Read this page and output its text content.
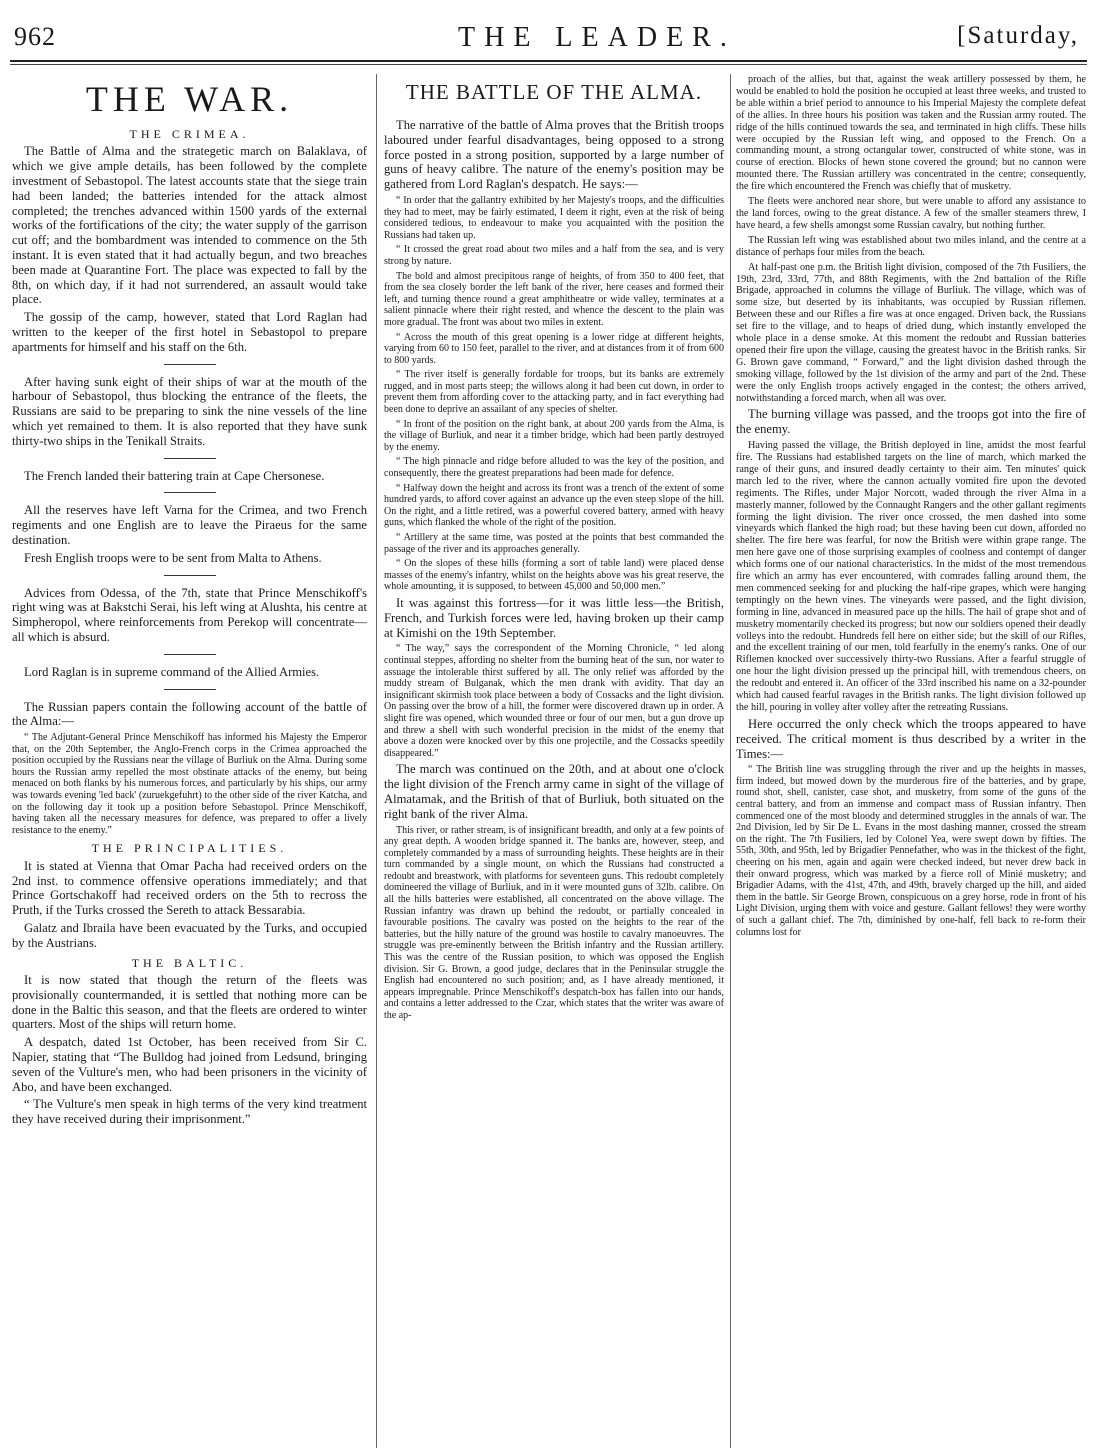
962	THE LEADER.	[Saturday,
THE WAR.
THE CRIMEA.

The Battle of Alma and the strategetic march on Balaklava, of which we give ample details, has been followed by the complete investment of Sebastopol. The latest accounts state that the siege train had been landed; the batteries intended for the attack almost completed; the trenches advanced within 1500 yards of the external works of the fortifications of the city; the water supply of the garrison cut off; and the bombardment was intended to commence on the 5th instant. It is even stated that it had actually begun, and two breaches been made at Quarantine Fort. The place was expected to fall by the 8th, on which day, if it had not surrendered, an assault would take place.

The gossip of the camp, however, stated that Lord Raglan had written to the keeper of the first hotel in Sebastopol to prepare apartments for himself and his staff on the 6th.

After having sunk eight of their ships of war at the mouth of the harbour of Sebastopol, thus blocking the entrance of the fleets, the Russians are said to be preparing to sink the nine vessels of the line which yet remained to them. It is also reported that they have sunk thirty-two ships in the Tenikall Straits.

The French landed their battering train at Cape Chersonese.

All the reserves have left Varna for the Crimea, and two French regiments and one English are to leave the Piraeus for the same destination.

Fresh English troops were to be sent from Malta to Athens.

Advices from Odessa, of the 7th, state that Prince Menschikoff's right wing was at Bakstchi Serai, his left wing at Alushta, his centre at Simpheropol, where reinforcements from Perekop will concentrate—all which is absurd.

Lord Raglan is in supreme command of the Allied Armies.

The Russian papers contain the following account of the battle of the Alma:—

“ The Adjutant-General Prince Menschikoff has informed his Majesty the Emperor that, on the 20th September, the Anglo-French corps in the Crimea approached the position occupied by the Russians near the village of Burliuk on the Alma. During some hours the Russian army repelled the most obstinate attacks of the enemy, but being menaced on both flanks by his numerous forces, and particularly by his ships, our army was towards evening 'led back' (zuruekgefuhrt) to the other side of the river Katcha, and on the following day it took up a position before Sebastopol. Prince Menschikoff, having taken all the necessary measures for defence, was prepared to offer a lively resistance to the enemy.”

THE PRINCIPALITIES.

It is stated at Vienna that Omar Pacha had received orders on the 2nd inst. to commence offensive operations immediately; and that Prince Gortschakoff had received orders on the 5th to recross the Pruth, if the Turks crossed the Sereth to attack Bessarabia.

Galatz and Ibraila have been evacuated by the Turks, and occupied by the Austrians.

THE BALTIC.

It is now stated that though the return of the fleets was provisionally countermanded, it is settled that nothing more can be done in the Baltic this season, and that the fleets are ordered to winter quarters. Most of the ships will return home.

A despatch, dated 1st October, has been received from Sir C. Napier, stating that “The Bulldog had joined from Ledsund, bringing seven of the Vulture's men, who had been prisoners in the vicinity of Abo, and have been exchanged.

“ The Vulture's men speak in high terms of the very kind treatment they have received during their imprisonment.”

THE BATTLE OF THE ALMA.

The narrative of the battle of Alma proves that the British troops laboured under fearful disadvantages, being opposed to a strong force posted in a strong position, supported by a large number of guns of heavy calibre. The nature of the enemy's position may be gathered from Lord Raglan's despatch. He says:—

“ In order that the gallantry exhibited by her Majesty's troops, and the difficulties they had to meet, may be fairly estimated, I deem it right, even at the risk of being considered tedious, to endeavour to make you acquainted with the position the Russians had taken up.

“ It crossed the great road about two miles and a half from the sea, and is very strong by nature.

The bold and almost precipitous range of heights, of from 350 to 400 feet, that from the sea closely border the left bank of the river, here ceases and formed their left, and turning thence round a great amphitheatre or wide valley, terminates at a salient pinnacle where their right rested, and whence the descent to the plain was more gradual. The front was about two miles in extent.

“ Across the mouth of this great opening is a lower ridge at different heights, varying from 60 to 150 feet, parallel to the river, and at distances from it of from 600 to 800 yards.

“ The river itself is generally fordable for troops, but its banks are extremely rugged, and in most parts steep; the willows along it had been cut down, in order to prevent them from affording cover to the attacking party, and in fact everything had been done to deprive an assailant of any species of shelter.

“ In front of the position on the right bank, at about 200 yards from the Alma, is the village of Burliuk, and near it a timber bridge, which had been partly destroyed by the enemy.

“ The high pinnacle and ridge before alluded to was the key of the position, and consequently, there the greatest preparations had been made for defence.

“ Halfway down the height and across its front was a trench of the extent of some hundred yards, to afford cover against an advance up the even steep slope of the hill. On the right, and a little retired, was a powerful covered battery, armed with heavy guns, which flanked the whole of the right of the position.

“ Artillery at the same time, was posted at the points that best commanded the passage of the river and its approaches generally.

“ On the slopes of these hills (forming a sort of table land) were placed dense masses of the enemy's infantry, whilst on the heights above was his great reserve, the whole amounting, it is supposed, to between 45,000 and 50,000 men.”

It was against this fortress—for it was little less—the British, French, and Turkish forces were led, having broken up their camp at Kimishi on the 19th September.

“ The way,” says the correspondent of the Morning Chronicle, “ led along continual steppes, affording no shelter from the burning heat of the sun, nor water to assuage the intolerable thirst suffered by all. The only relief was afforded by the muddy stream of Bulganak, which the men drank with avidity. That day an insignificant skirmish took place between a body of Cossacks and the light division. On passing over the brow of a hill, the former were discovered drawn up in order. A slight fire was opened, which wounded three or four of our men, but a gun drove up and threw a shell with such wonderful precision in the midst of the enemy that above a dozen were knocked over by this one projectile, and the Cossacks speedily disappeared.”

The march was continued on the 20th, and at about one o'clock the light division of the French army came in sight of the village of Almatamak, and the British of that of Burliuk, both situated on the right bank of the river Alma.

This river, or rather stream, is of insignificant breadth, and only at a few points of any great depth. A wooden bridge spanned it. The banks are, however, steep, and completely commanded by a mass of surrounding heights. These heights are in their turn commanded by a single mount, on which the Russians had constructed a redoubt and breastwork, with platforms for seventeen guns. This redoubt completely domineered the village of Burliuk, and in it were mounted guns of 32lb. calibre. On all the hills batteries were established, all concentrated on the above village. The Russian infantry was drawn up behind the redoubt, or partially concealed in favourable positions. The cavalry was posted on the heights to the rear of the batteries, but the hilly nature of the ground was hostile to cavalry manoeuvres. The struggle was pre-eminently between the British infantry and the Russian artillery. This was the centre of the Russian position, to which was opposed the English division. Sir G. Brown, a good judge, declares that in the Peninsular struggle the English had encountered no such position; and, as I have already mentioned, it appears impregnable. Prince Menschikoff's despatch-box has fallen into our hands, and contains a letter addressed to the Czar, which states that the writer was aware of the ap-

proach of the allies, but that, against the weak artillery possessed by them, he would be enabled to hold the position he occupied at least three weeks, and trusted to be able within a brief period to announce to his Imperial Majesty the complete defeat of the allies. In three hours his position was taken and the Russian army routed. The ridge of the hills continued towards the sea, and terminated in high cliffs. These hills were occupied by the Russian left wing, and opposed to the French. On a commanding mount, a strong octangular tower, constructed of white stone, was in course of erection. Blocks of hewn stone covered the ground; but no cannon were mounted there. The Russian artillery was concentrated in the centre; consequently, the fire which encountered the French was chiefly that of musketry.

The fleets were anchored near shore, but were unable to afford any assistance to the land forces, owing to the great distance. A few of the smaller steamers threw, I have heard, a few shells amongst some Russian cavalry, but nothing further.

The Russian left wing was established about two miles inland, and the centre at a distance of perhaps four miles from the beach.

At half-past one p.m. the British light division, composed of the 7th Fusiliers, the 19th, 23rd, 33rd, 77th, and 88th Regiments, with the 2nd battalion of the Rifle Brigade, approached in columns the village of Burliuk. The village, which was of some size, but deserted by its inhabitants, was occupied by Russian riflemen. Between these and our Rifles a fire was at once engaged. Driven back, the Russians set fire to the village, and to heaps of dried dung, which instantly enveloped the whole place in a dense smoke. At this moment the redoubt and Russian batteries opened their fire upon the village, causing the greatest havoc in the British ranks. Sir G. Brown gave command, “ Forward,” and the light division dashed through the smoking village, followed by the 1st division of the army and part of the 2nd. These were the only English troops actively engaged in the contest; the others arrived, notwithstanding a forced march, when all was over.

The burning village was passed, and the troops got into the fire of the enemy.

Having passed the village, the British deployed in line, amidst the most fearful fire. The Russians had established targets on the line of march, which marked the range of their guns, and insured deadly certainty to their aim. Ten minutes' quick march led to the river, where the cannon actually vomited fire upon the devoted regiments. The Rifles, under Major Norcott, waded through the river Alma in a masterly manner, followed by the Connaught Rangers and the other gallant regiments forming the light division. The river once crossed, the men dashed into some vineyards which flanked the high road; but these having been cut down, afforded no shelter. The fire here was fearful, for now the British were within grape range. The men here gave one of those surprising examples of coolness and contempt of danger which forms one of our national characteristics. In the midst of the most tremendous fire which an army has ever encountered, with comrades falling around them, the men commenced seeking for and plucking the half-ripe grapes, which were hanging temptingly on the hewn vines. The vineyards were passed, and the light division, forming in line, advanced in measured pace up the hills. The hail of grape shot and of musketry momentarily checked its progress; but now our soldiers opened their deadly volleys into the redoubt. Hundreds fell here on either side; but the skill of our Rifles, and the excellent training of our men, told fearfully in the enemy's ranks. One of our Riflemen knocked over successively thirty-two Russians. After a fearful struggle of one hour the light division pressed up the principal hill, with tremendous cheers, on the redoubt and entered it. An officer of the 33rd inscribed his name on a 32-pounder which had caused fearful ravages in the British ranks. The light division followed up the hill, pouring in volley after volley after the retreating Russians.

Here occurred the only check which the troops appeared to have received. The critical moment is thus described by a writer in the Times:—

“ The British line was struggling through the river and up the heights in masses, firm indeed, but mowed down by the murderous fire of the batteries, and by grape, round shot, shell, canister, case shot, and musketry, from some of the guns of the central battery, and from an immense and compact mass of Russian infantry. Then commenced one of the most bloody and determined struggles in the annals of war. The 2nd Division, led by Sir De L. Evans in the most dashing manner, crossed the stream on the right. The 7th Fusiliers, led by Colonel Yea, were swept down by fifties. The 55th, 30th, and 95th, led by Brigadier Pennefather, who was in the thickest of the fight, cheering on his men, again and again were checked indeed, but never drew back in their onward progress, which was marked by a fierce roll of Minié musketry; and Brigadier Adams, with the 41st, 47th, and 49th, bravely charged up the hill, and aided them in the battle. Sir George Brown, conspicuous on a grey horse, rode in front of his Light Division, urging them with voice and gesture. Gallant fellows! they were worthy of such a gallant chief. The 7th, diminished by one-half, fell back to re-form their columns lost for
